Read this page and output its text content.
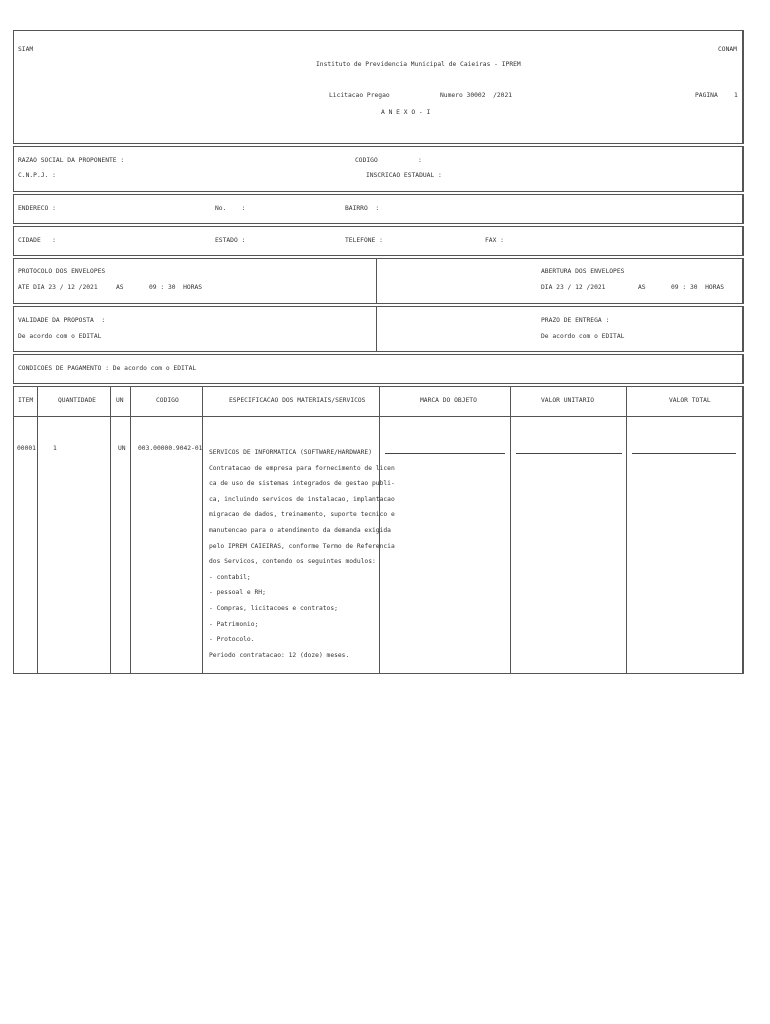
SIAM	CONAM
Instituto de Previdencia Municipal de Caieiras - IPREM
Licitacao Pregao	Numero 30002  /2021	PAGINA	1
A N E X O - I
RAZAO SOCIAL DA PROPONENTE :	CODIGO	:
C.N.P.J. :	INSCRICAO ESTADUAL :
ENDERECO :	No.    :	BAIRRO  :
CIDADE   :	ESTADO :	TELEFONE :	FAX :
PROTOCOLO DOS ENVELOPES
ATE DIA 23 / 12 /2021	AS	09 : 30  HORAS
ABERTURA DOS ENVELOPES
DIA 23 / 12 /2021	AS	09 : 30  HORAS
VALIDADE DA PROPOSTA  :
De acordo com o EDITAL
PRAZO DE ENTREGA :
De acordo com o EDITAL
CONDICOES DE PAGAMENTO : De acordo com o EDITAL
ITEM	QUANTIDADE	UN	CODIGO	ESPECIFICACAO DOS MATERIAIS/SERVICOS	MARCA DO OBJETO	VALOR UNITARIO	VALOR TOTAL
00001	1	UN 003.00000.9042-01
SERVICOS DE INFORMATICA (SOFTWARE/HARDWARE)
Contratacao de empresa para fornecimento de licen
ca de uso de sistemas integrados de gestao publi-
ca, incluindo servicos de instalacao, implantacao
migracao de dados, treinamento, suporte tecnico e
manutencao para o atendimento da demanda exigida
pelo IPREM CAIEIRAS, conforme Termo de Referencia
dos Servicos, contendo os seguintes modulos:
- contabil;
- pessoal e RH;
- Compras, licitacoes e contratos;
- Patrimonio;
- Protocolo.
Periodo contratacao: 12 (doze) meses.
